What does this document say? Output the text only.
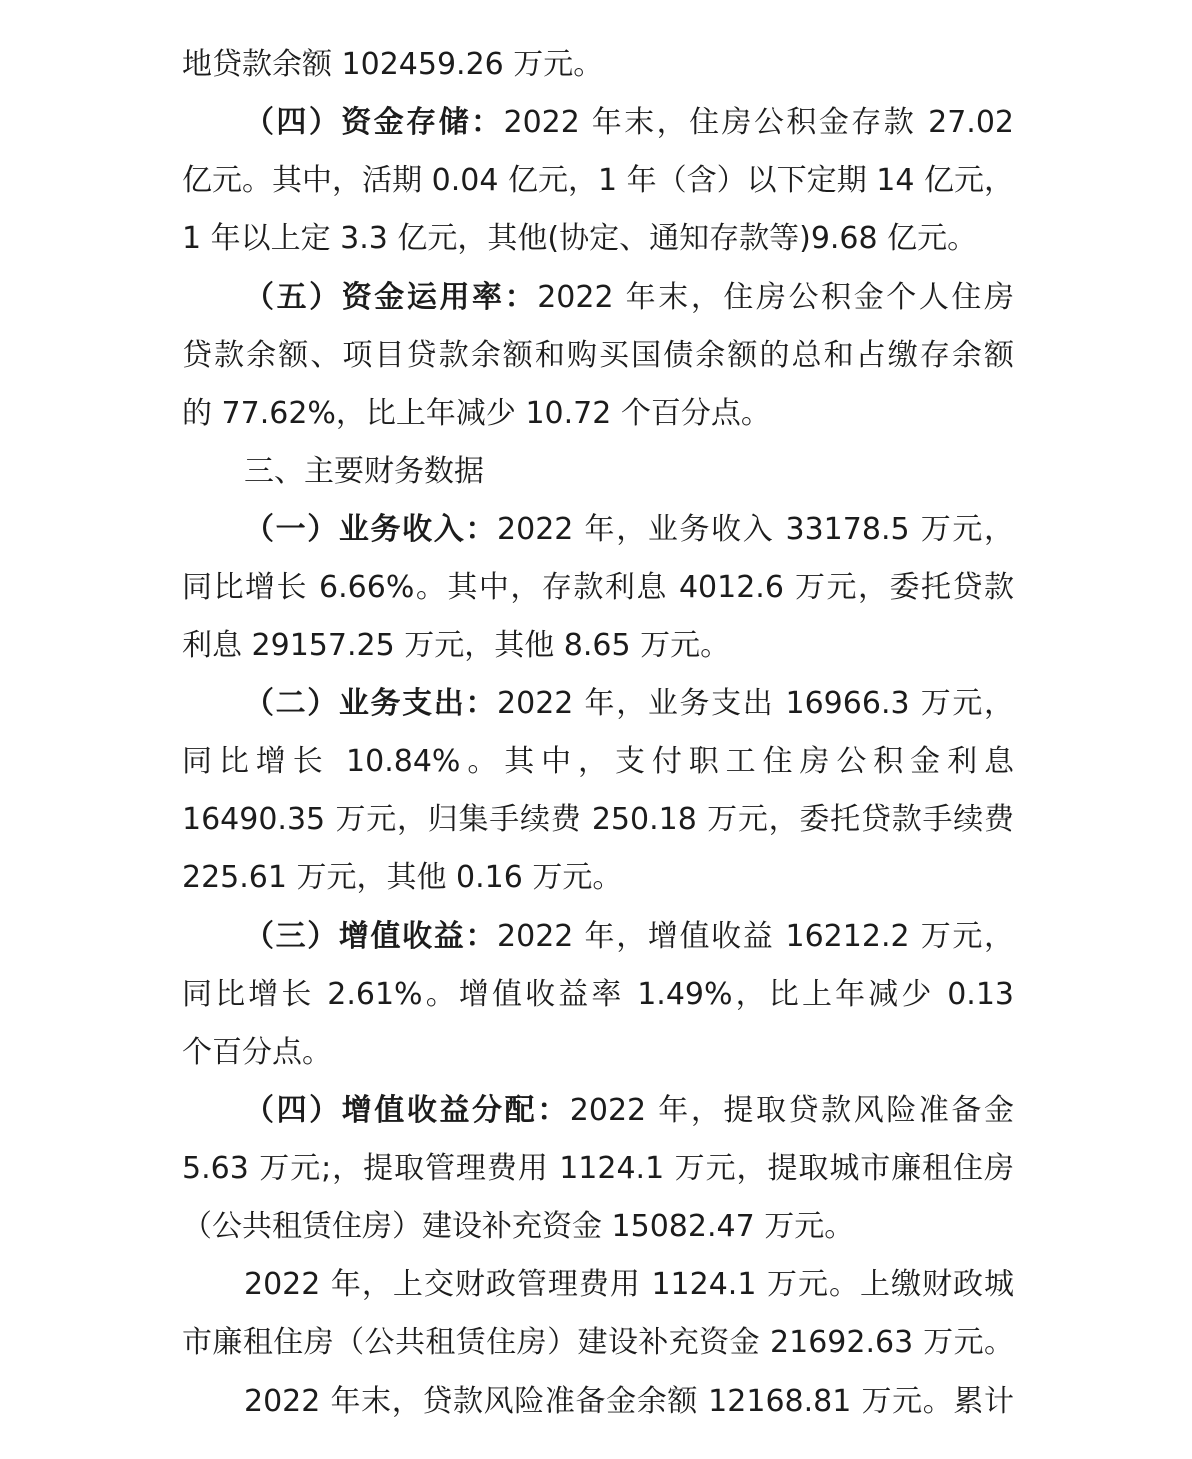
地贷款余额 102459.26 万元。
（四）资金存储：2022 年末，住房公积金存款 27.02
亿元。其中，活期 0.04 亿元，1 年（含）以下定期 14 亿元，
1 年以上定 3.3 亿元，其他(协定、通知存款等)9.68 亿元。
（五）资金运用率：2022 年末，住房公积金个人住房
贷款余额、项目贷款余额和购买国债余额的总和占缴存余额
的 77.62%，比上年减少 10.72 个百分点。
三、主要财务数据
（一）业务收入：2022 年，业务收入 33178.5 万元，
同比增长 6.66%。其中，存款利息 4012.6 万元，委托贷款
利息 29157.25 万元，其他 8.65 万元。
（二）业务支出：2022 年，业务支出 16966.3 万元，
同比增长 10.84%。其中，支付职工住房公积金利息
16490.35 万元，归集手续费 250.18 万元，委托贷款手续费
225.61 万元，其他 0.16 万元。
（三）增值收益：2022 年，增值收益 16212.2 万元，
同比增长 2.61%。增值收益率 1.49%，比上年减少 0.13
个百分点。
（四）增值收益分配：2022 年，提取贷款风险准备金
5.63 万元;，提取管理费用 1124.1 万元，提取城市廉租住房
（公共租赁住房）建设补充资金 15082.47 万元。
2022 年，上交财政管理费用 1124.1 万元。上缴财政城
市廉租住房（公共租赁住房）建设补充资金 21692.63 万元。
2022 年末，贷款风险准备金余额 12168.81 万元。累计
